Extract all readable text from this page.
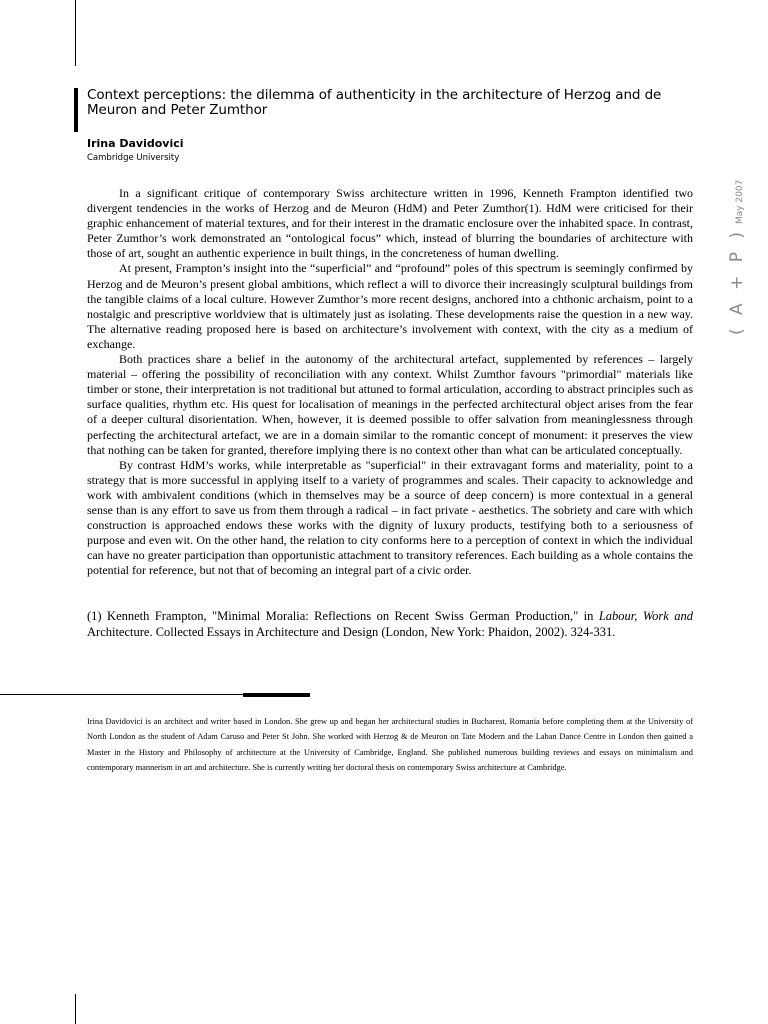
Context perceptions: the dilemma of authenticity in the architecture of Herzog and de Meuron and Peter Zumthor
Irina Davidovici
Cambridge University

In a significant critique of contemporary Swiss architecture written in 1996, Kenneth Frampton identified two divergent tendencies in the works of Herzog and de Meuron (HdM) and Peter Zumthor(1). HdM were criticised for their graphic enhancement of material textures, and for their interest in the dramatic enclosure over the inhabited space. In contrast, Peter Zumthor’s work demonstrated an “ontological focus” which, instead of blurring the boundaries of architecture with those of art, sought an authentic experience in built things, in the concreteness of human dwelling.

At present, Frampton’s insight into the “superficial” and “profound” poles of this spectrum is seemingly confirmed by Herzog and de Meuron’s present global ambitions, which reflect a will to divorce their increasingly sculptural buildings from the tangible claims of a local culture. However Zumthor’s more recent designs, anchored into a chthonic archaism, point to a nostalgic and prescriptive worldview that is ultimately just as isolating. These developments raise the question in a new way. The alternative reading proposed here is based on architecture’s involvement with context, with the city as a medium of exchange.

Both practices share a belief in the autonomy of the architectural artefact, supplemented by references – largely material – offering the possibility of reconciliation with any context. Whilst Zumthor favours "primordial" materials like timber or stone, their interpretation is not traditional but attuned to formal articulation, according to abstract principles such as surface qualities, rhythm etc. His quest for localisation of meanings in the perfected architectural object arises from the fear of a deeper cultural disorientation. When, however, it is deemed possible to offer salvation from meaninglessness through perfecting the architectural artefact, we are in a domain similar to the romantic concept of monument: it preserves the view that nothing can be taken for granted, therefore implying there is no context other than what can be articulated conceptually.

By contrast HdM’s works, while interpretable as "superficial" in their extravagant forms and materiality, point to a strategy that is more successful in applying itself to a variety of programmes and scales. Their capacity to acknowledge and work with ambivalent conditions (which in themselves may be a source of deep concern) is more contextual in a general sense than is any effort to save us from them through a radical – in fact private - aesthetics. The sobriety and care with which construction is approached endows these works with the dignity of luxury products, testifying both to a seriousness of purpose and even wit. On the other hand, the relation to city conforms here to a perception of context in which the individual can have no greater participation than opportunistic attachment to transitory references. Each building as a whole contains the potential for reference, but not that of becoming an integral part of a civic order.

(1) Kenneth Frampton, "Minimal Moralia: Reflections on Recent Swiss German Production," in Labour, Work and Architecture. Collected Essays in Architecture and Design (London, New York: Phaidon, 2002). 324-331.
( A + P )May 2007
Irina Davidovici is an architect and writer based in London. She grew up and began her architectural studies in Bucharest, Romania before completing them at the University of North London as the student of Adam Caruso and Peter St John. She worked with Herzog & de Meuron on Tate Modern and the Laban Dance Centre in London then gained a Master in the History and Philosophy of architecture at the University of Cambridge, England. She published numerous building reviews and essays on minimalism and contemporary mannerism in art and architecture. She is currently writing her doctoral thesis on contemporary Swiss architecture at Cambridge.
